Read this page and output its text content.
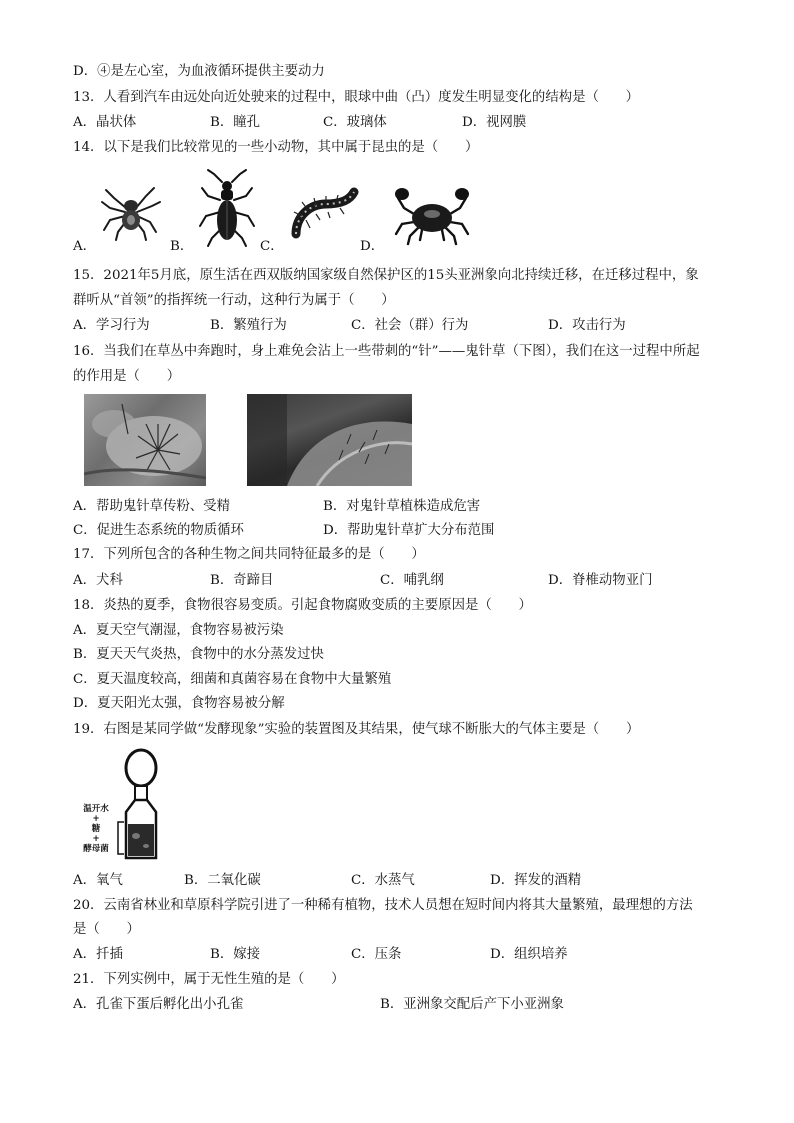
D．④是左心室，为血液循环提供主要动力
13．人看到汽车由远处向近处驶来的过程中，眼球中曲（凸）度发生明显变化的结构是（　　）
A．晶状体	B．瞳孔	C．玻璃体	D．视网膜
14．以下是我们比较常见的一些小动物，其中属于昆虫的是（　　）
A．	B．	C．	D．
15．2021年5月底，原生活在西双版纳国家级自然保护区的15头亚洲象向北持续迁移，在迁移过程中，象
群听从“首领”的指挥统一行动，这种行为属于（　　）
A．学习行为	B．繁殖行为	C．社会（群）行为	D．攻击行为
16．当我们在草丛中奔跑时，身上难免会沾上一些带刺的“针”——鬼针草（下图），我们在这一过程中所起
的作用是（　　）
A．帮助鬼针草传粉、受精	B．对鬼针草植株造成危害
C．促进生态系统的物质循环	D．帮助鬼针草扩大分布范围
17．下列所包含的各种生物之间共同特征最多的是（　　）
A．犬科	B．奇蹄目	C．哺乳纲	D．脊椎动物亚门
18．炎热的夏季，食物很容易变质。引起食物腐败变质的主要原因是（　　）
A．夏天空气潮湿，食物容易被污染
B．夏天天气炎热，食物中的水分蒸发过快
C．夏天温度较高，细菌和真菌容易在食物中大量繁殖
D．夏天阳光太强，食物容易被分解
19．右图是某同学做“发酵现象”实验的装置图及其结果，使气球不断胀大的气体主要是（　　）
温开水
+
糖
+
酵母菌
A．氧气	B．二氧化碳	C．水蒸气	D．挥发的酒精
20．云南省林业和草原科学院引进了一种稀有植物，技术人员想在短时间内将其大量繁殖，最理想的方法
是（　　）
A．扦插	B．嫁接	C．压条	D．组织培养
21．下列实例中，属于无性生殖的是（　　）
A．孔雀下蛋后孵化出小孔雀	B．亚洲象交配后产下小亚洲象
